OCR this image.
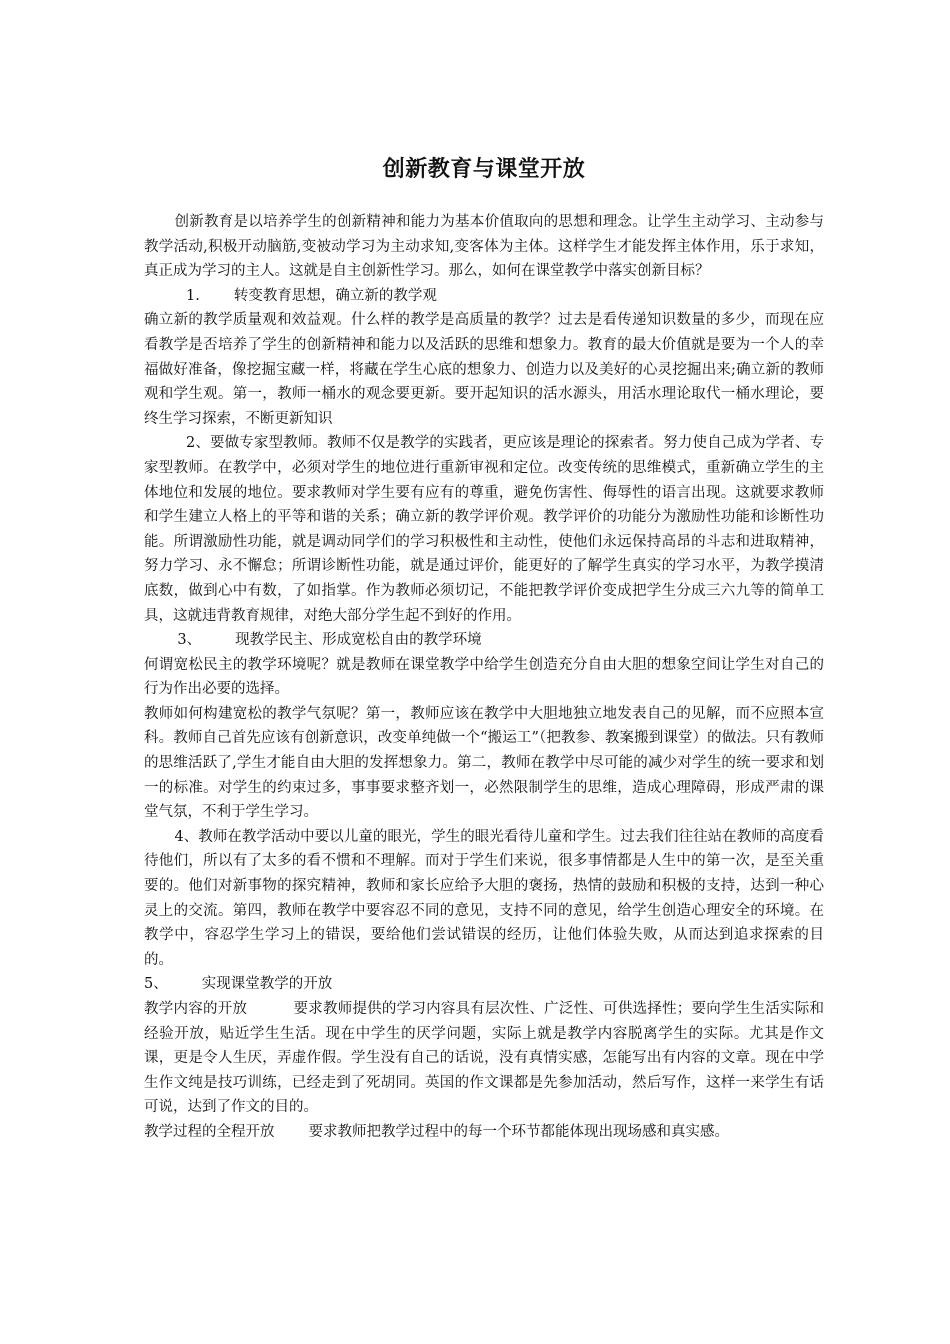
创新教育与课堂开放

创新教育是以培养学生的创新精神和能力为基本价值取向的思想和理念。让学生主动学习、主动参与教学活动,积极开动脑筋,变被动学习为主动求知,变客体为主体。这样学生才能发挥主体作用，乐于求知，真正成为学习的主人。这就是自主创新性学习。那么，如何在课堂教学中落实创新目标？

1. 转变教育思想，确立新的教学观

确立新的教学质量观和效益观。什么样的教学是高质量的教学？过去是看传递知识数量的多少，而现在应看教学是否培养了学生的创新精神和能力以及活跃的思维和想象力。教育的最大价值就是要为一个人的幸福做好准备，像挖掘宝藏一样，将藏在学生心底的想象力、创造力以及美好的心灵挖掘出来;确立新的教师观和学生观。第一，教师一桶水的观念要更新。要开起知识的活水源头，用活水理论取代一桶水理论，要终生学习探索，不断更新知识

2、要做专家型教师。教师不仅是教学的实践者，更应该是理论的探索者。努力使自己成为学者、专家型教师。在教学中，必须对学生的地位进行重新审视和定位。改变传统的思维模式，重新确立学生的主体地位和发展的地位。要求教师对学生要有应有的尊重，避免伤害性、侮辱性的语言出现。这就要求教师和学生建立人格上的平等和谐的关系；确立新的教学评价观。教学评价的功能分为激励性功能和诊断性功能。所谓激励性功能，就是调动同学们的学习积极性和主动性，使他们永远保持高昂的斗志和进取精神，努力学习、永不懈怠；所谓诊断性功能，就是通过评价，能更好的了解学生真实的学习水平，为教学摸清底数，做到心中有数，了如指掌。作为教师必须切记，不能把教学评价变成把学生分成三六九等的简单工具，这就违背教育规律，对绝大部分学生起不到好的作用。

3、 现教学民主、形成宽松自由的教学环境

何谓宽松民主的教学环境呢？就是教师在课堂教学中给学生创造充分自由大胆的想象空间让学生对自己的行为作出必要的选择。

教师如何构建宽松的教学气氛呢？第一，教师应该在教学中大胆地独立地发表自己的见解，而不应照本宣科。教师自己首先应该有创新意识，改变单纯做一个“搬运工”（把教参、教案搬到课堂）的做法。只有教师的思维活跃了,学生才能自由大胆的发挥想象力。第二，教师在教学中尽可能的减少对学生的统一要求和划一的标准。对学生的约束过多，事事要求整齐划一，必然限制学生的思维，造成心理障碍，形成严肃的课堂气氛，不利于学生学习。

4、教师在教学活动中要以儿童的眼光，学生的眼光看待儿童和学生。过去我们往往站在教师的高度看待他们，所以有了太多的看不惯和不理解。而对于学生们来说，很多事情都是人生中的第一次，是至关重要的。他们对新事物的探究精神，教师和家长应给予大胆的褒扬，热情的鼓励和积极的支持，达到一种心灵上的交流。第四，教师在教学中要容忍不同的意见，支持不同的意见，给学生创造心理安全的环境。在教学中，容忍学生学习上的错误，要给他们尝试错误的经历，让他们体验失败，从而达到追求探索的目的。

5、 实现课堂教学的开放

教学内容的开放	要求教师提供的学习内容具有层次性、广泛性、可供选择性；要向学生生活实际和经验开放，贴近学生生活。现在中学生的厌学问题，实际上就是教学内容脱离学生的实际。尤其是作文课，更是令人生厌，弄虚作假。学生没有自己的话说，没有真情实感，怎能写出有内容的文章。现在中学生作文纯是技巧训练，已经走到了死胡同。英国的作文课都是先参加活动，然后写作，这样一来学生有话可说，达到了作文的目的。

教学过程的全程开放 要求教师把教学过程中的每一个环节都能体现出现场感和真实感。
